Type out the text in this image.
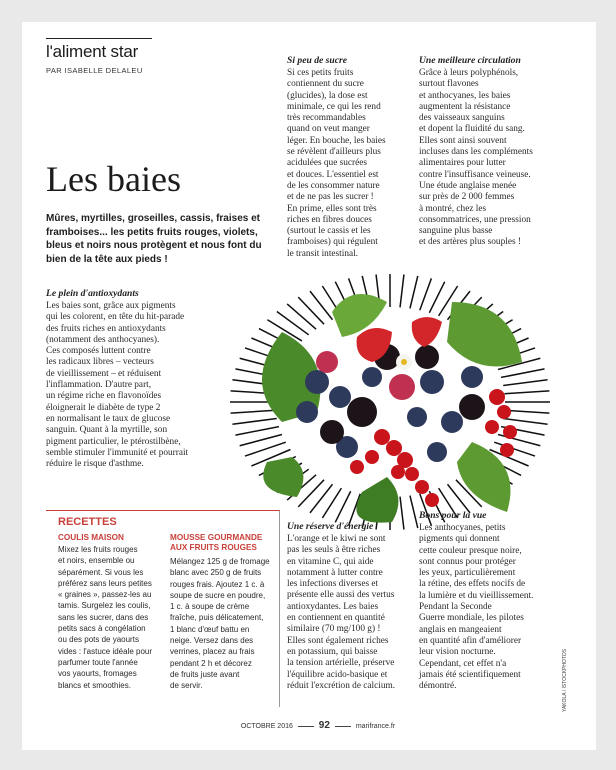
l'aliment star
PAR ISABELLE DELALEU
Les baies
Mûres, myrtilles, groseilles, cassis, fraises et framboises... les petits fruits rouges, violets, bleus et noirs nous protègent et nous font du bien de la tête aux pieds !
Si peu de sucre
Si ces petits fruits
contiennent du sucre
(glucides), la dose est
minimale, ce qui les rend
très recommandables
quand on veut manger
léger. En bouche, les baies
se révèlent d'ailleurs plus
acidulées que sucrées
et douces. L'essentiel est
de les consommer nature
et de ne pas les sucrer !
En prime, elles sont très
riches en fibres douces
(surtout le cassis et les
framboises) qui régulent
le transit intestinal.
Une meilleure circulation
Grâce à leurs polyphénols,
surtout flavones
et anthocyanes, les baies
augmentent la résistance
des vaisseaux sanguins
et dopent la fluidité du sang.
Elles sont ainsi souvent
incluses dans les compléments
alimentaires pour lutter
contre l'insuffisance veineuse.
Une étude anglaise menée
sur près de 2 000 femmes
à montré, chez les
consommatrices, une pression
sanguine plus basse
et des artères plus souples !
Le plein d'antioxydants
Les baies sont, grâce aux pigments
qui les colorent, en tête du hit-parade
des fruits riches en antioxydants
(notamment des anthocyanes).
Ces composés luttent contre
les radicaux libres – vecteurs
de vieillissement – et réduisent
l'inflammation. D'autre part,
un régime riche en flavonoïdes
éloignerait le diabète de type 2
en normalisant le taux de glucose
sanguin. Quant à la myrtille, son
pigment particulier, le ptérostilbène,
semble stimuler l'immunité et pourrait
réduire le risque d'asthme.
RECETTES
COULIS MAISON
Mixez les fruits rouges
et noirs, ensemble ou
séparément. Si vous les
préférez sans leurs petites
« graines », passez-les au
tamis. Surgelez les coulis,
sans les sucrer, dans des
petits sacs à congélation
ou des pots de yaourts
vides : l'astuce idéale pour
parfumer toute l'année
vos yaourts, fromages
blancs et smoothies.
MOUSSE GOURMANDE
AUX FRUITS ROUGES
Mélangez 125 g de fromage
blanc avec 250 g de fruits
rouges frais. Ajoutez 1 c. à
soupe de sucre en poudre,
1 c. à soupe de crème
fraîche, puis délicatement,
1 blanc d'œuf battu en
neige. Versez dans des
verrines, placez au frais
pendant 2 h et décorez
de fruits juste avant
de servir.
Une réserve d'énergie
L'orange et le kiwi ne sont
pas les seuls à être riches
en vitamine C, qui aide
notamment à lutter contre
les infections diverses et
présente elle aussi des vertus
antioxydantes. Les baies
en contiennent en quantité
similaire (70 mg/100 g) !
Elles sont également riches
en potassium, qui baisse
la tension artérielle, préserve
l'équilibre acido-basique et
réduit l'excrétion de calcium.
Bons pour la vue
Les anthocyanes, petits
pigments qui donnent
cette couleur presque noire,
sont connus pour protéger
les yeux, particulièrement
la rétine, des effets nocifs de
la lumière et du vieillissement.
Pendant la Seconde
Guerre mondiale, les pilotes
anglais en mangeaient
en quantité afin d'améliorer
leur vision nocturne.
Cependant, cet effet n'a
jamais été scientifiquement
démontré.	YAKOLA / ISTOCKPHOTOS
OCTOBRE 2016	92	marifrance.fr
